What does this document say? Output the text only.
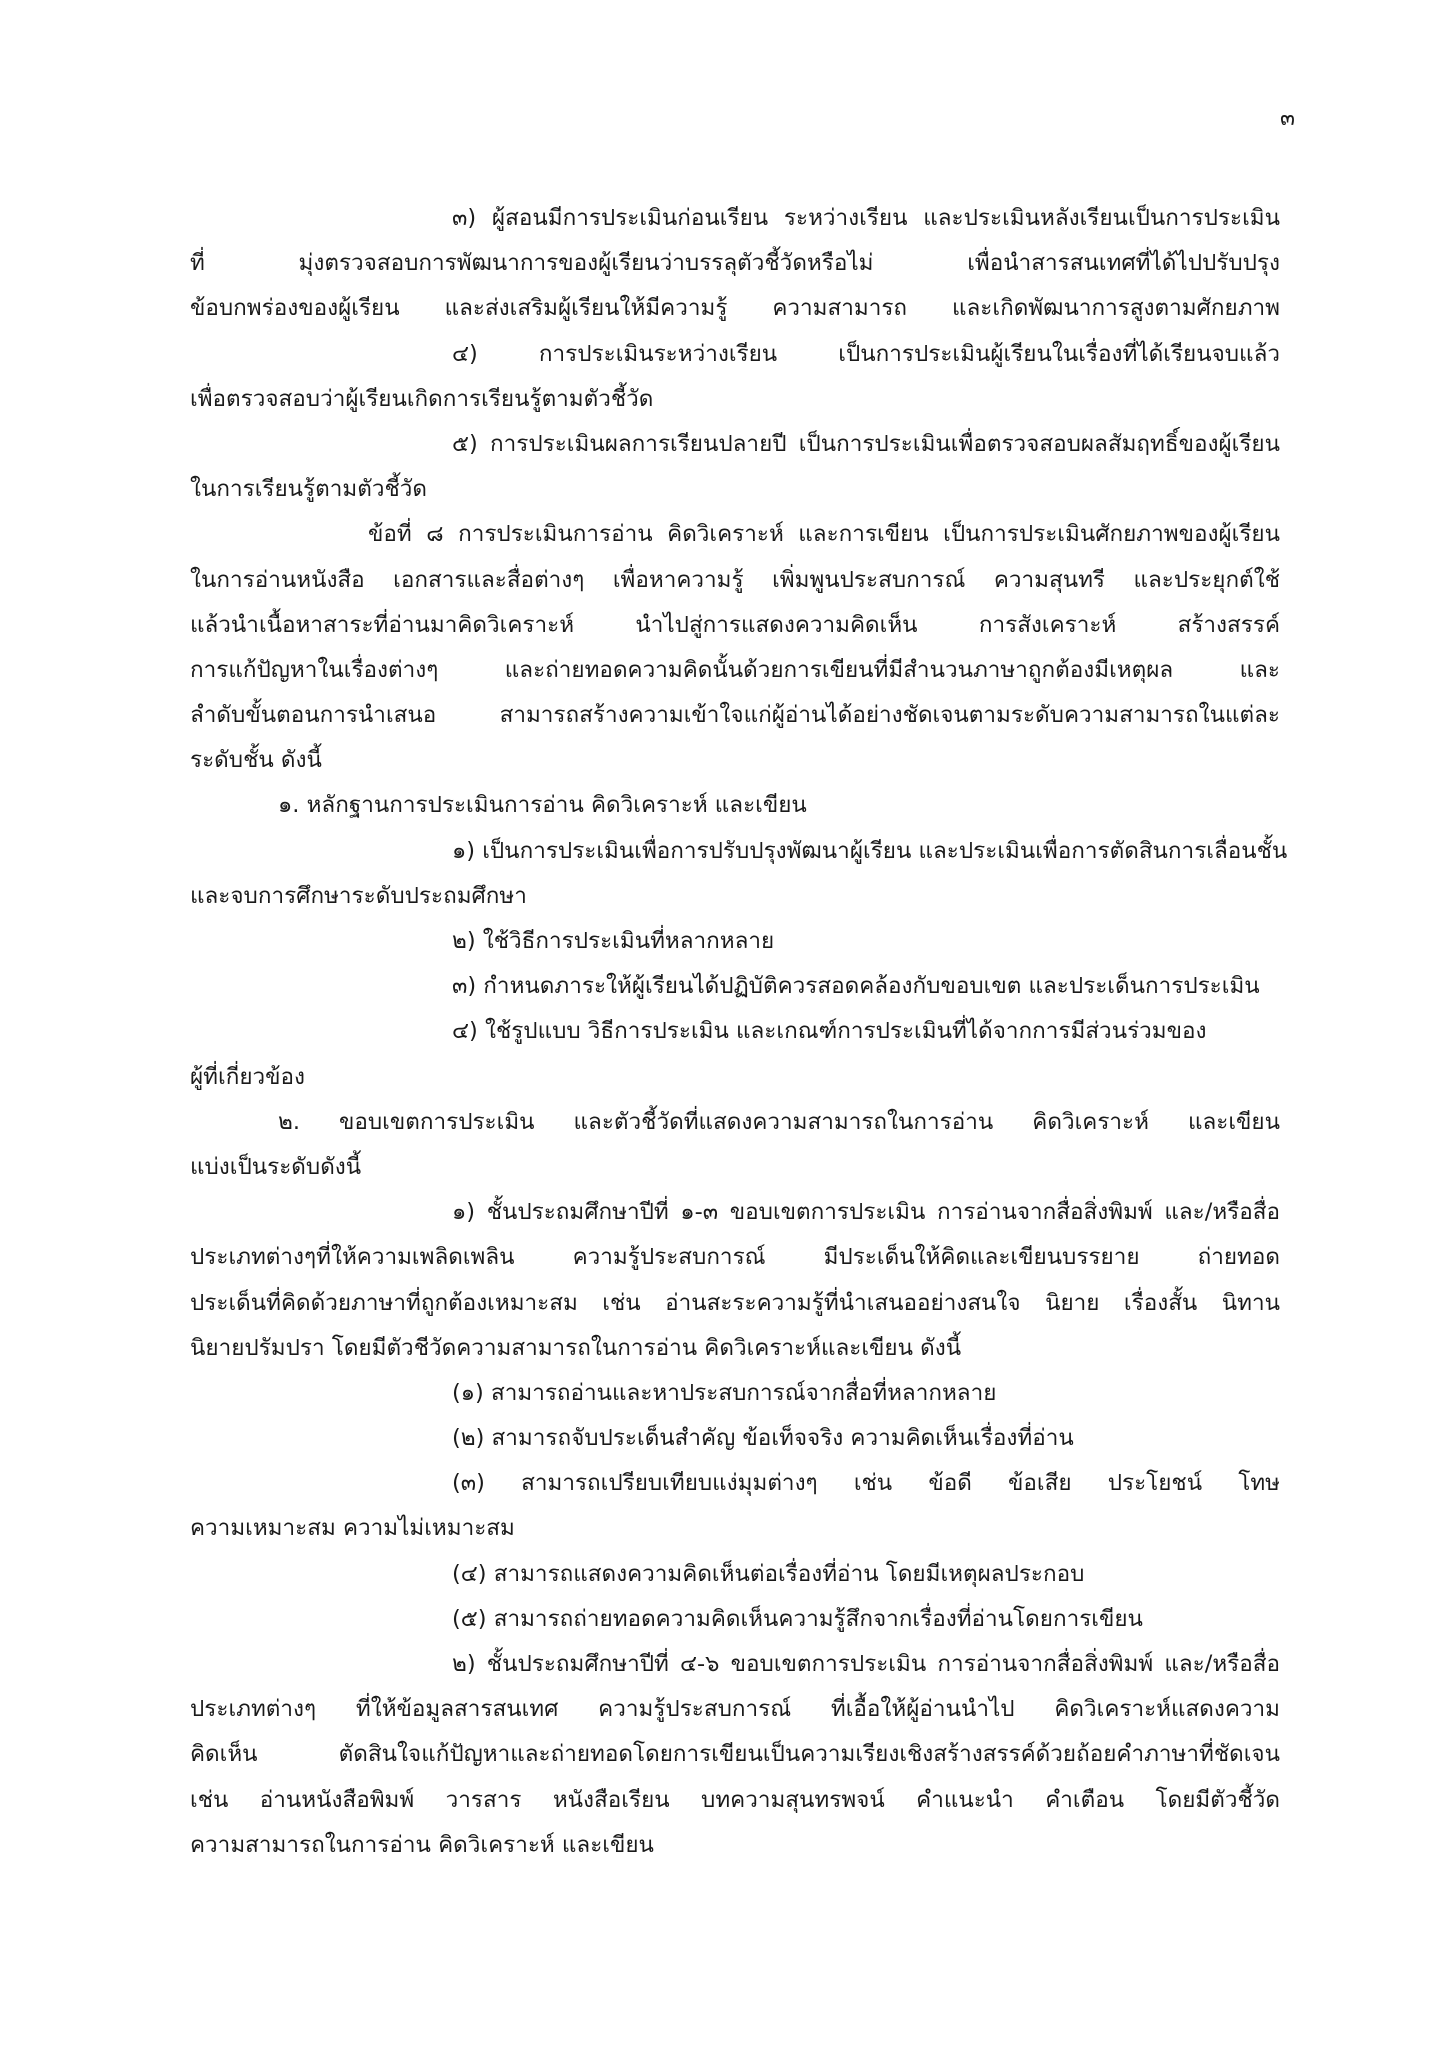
๓
๓) ผู้สอนมีการประเมินก่อนเรียน ระหว่างเรียน และประเมินหลังเรียนเป็นการประเมิน
ที่ มุ่งตรวจสอบการพัฒนาการของผู้เรียนว่าบรรลุตัวชี้วัดหรือไม่ เพื่อนำสารสนเทศที่ได้ไปปรับปรุง
ข้อบกพร่องของผู้เรียน และส่งเสริมผู้เรียนให้มีความรู้ ความสามารถ และเกิดพัฒนาการสูงตามศักยภาพ
๔) การประเมินระหว่างเรียน เป็นการประเมินผู้เรียนในเรื่องที่ได้เรียนจบแล้ว
เพื่อตรวจสอบว่าผู้เรียนเกิดการเรียนรู้ตามตัวชี้วัด
๕) การประเมินผลการเรียนปลายปี เป็นการประเมินเพื่อตรวจสอบผลสัมฤทธิ์ของผู้เรียน
ในการเรียนรู้ตามตัวชี้วัด
ข้อที่ ๘ การประเมินการอ่าน คิดวิเคราะห์ และการเขียน เป็นการประเมินศักยภาพของผู้เรียน
ในการอ่านหนังสือ เอกสารและสื่อต่างๆ เพื่อหาความรู้ เพิ่มพูนประสบการณ์ ความสุนทรี และประยุกต์ใช้
แล้วนำเนื้อหาสาระที่อ่านมาคิดวิเคราะห์ นำไปสู่การแสดงความคิดเห็น การสังเคราะห์ สร้างสรรค์
การแก้ปัญหาในเรื่องต่างๆ และถ่ายทอดความคิดนั้นด้วยการเขียนที่มีสำนวนภาษาถูกต้องมีเหตุผล และ
ลำดับขั้นตอนการนำเสนอ สามารถสร้างความเข้าใจแก่ผู้อ่านได้อย่างชัดเจนตามระดับความสามารถในแต่ละ
ระดับชั้น ดังนี้
๑. หลักฐานการประเมินการอ่าน คิดวิเคราะห์ และเขียน
๑) เป็นการประเมินเพื่อการปรับปรุงพัฒนาผู้เรียน และประเมินเพื่อการตัดสินการเลื่อนชั้น
และจบการศึกษาระดับประถมศึกษา
๒) ใช้วิธีการประเมินที่หลากหลาย
๓) กำหนดภาระให้ผู้เรียนได้ปฏิบัติควรสอดคล้องกับขอบเขต และประเด็นการประเมิน
๔) ใช้รูปแบบ วิธีการประเมิน และเกณฑ์การประเมินที่ได้จากการมีส่วนร่วมของ
ผู้ที่เกี่ยวข้อง
๒. ขอบเขตการประเมิน และตัวชี้วัดที่แสดงความสามารถในการอ่าน คิดวิเคราะห์ และเขียน
แบ่งเป็นระดับดังนี้
๑) ชั้นประถมศึกษาปีที่ ๑-๓ ขอบเขตการประเมิน การอ่านจากสื่อสิ่งพิมพ์ และ/หรือสื่อ
ประเภทต่างๆที่ให้ความเพลิดเพลิน ความรู้ประสบการณ์ มีประเด็นให้คิดและเขียนบรรยาย ถ่ายทอด
ประเด็นที่คิดด้วยภาษาที่ถูกต้องเหมาะสม เช่น อ่านสะระความรู้ที่นำเสนออย่างสนใจ นิยาย เรื่องสั้น นิทาน
นิยายปรัมปรา โดยมีตัวชีวัดความสามารถในการอ่าน คิดวิเคราะห์และเขียน ดังนี้
(๑) สามารถอ่านและหาประสบการณ์จากสื่อที่หลากหลาย
(๒) สามารถจับประเด็นสำคัญ ข้อเท็จจริง ความคิดเห็นเรื่องที่อ่าน
(๓) สามารถเปรียบเทียบแง่มุมต่างๆ เช่น ข้อดี ข้อเสีย ประโยชน์ โทษ
ความเหมาะสม ความไม่เหมาะสม
(๔) สามารถแสดงความคิดเห็นต่อเรื่องที่อ่าน โดยมีเหตุผลประกอบ
(๕) สามารถถ่ายทอดความคิดเห็นความรู้สึกจากเรื่องที่อ่านโดยการเขียน
๒) ชั้นประถมศึกษาปีที่ ๔-๖ ขอบเขตการประเมิน การอ่านจากสื่อสิ่งพิมพ์ และ/หรือสื่อ
ประเภทต่างๆ ที่ให้ข้อมูลสารสนเทศ ความรู้ประสบการณ์ ที่เอื้อให้ผู้อ่านนำไป คิดวิเคราะห์แสดงความ
คิดเห็น ตัดสินใจแก้ปัญหาและถ่ายทอดโดยการเขียนเป็นความเรียงเชิงสร้างสรรค์ด้วยถ้อยคำภาษาที่ชัดเจน
เช่น อ่านหนังสือพิมพ์ วารสาร หนังสือเรียน บทความสุนทรพจน์ คำแนะนำ คำเตือน โดยมีตัวชี้วัด
ความสามารถในการอ่าน คิดวิเคราะห์ และเขียน
